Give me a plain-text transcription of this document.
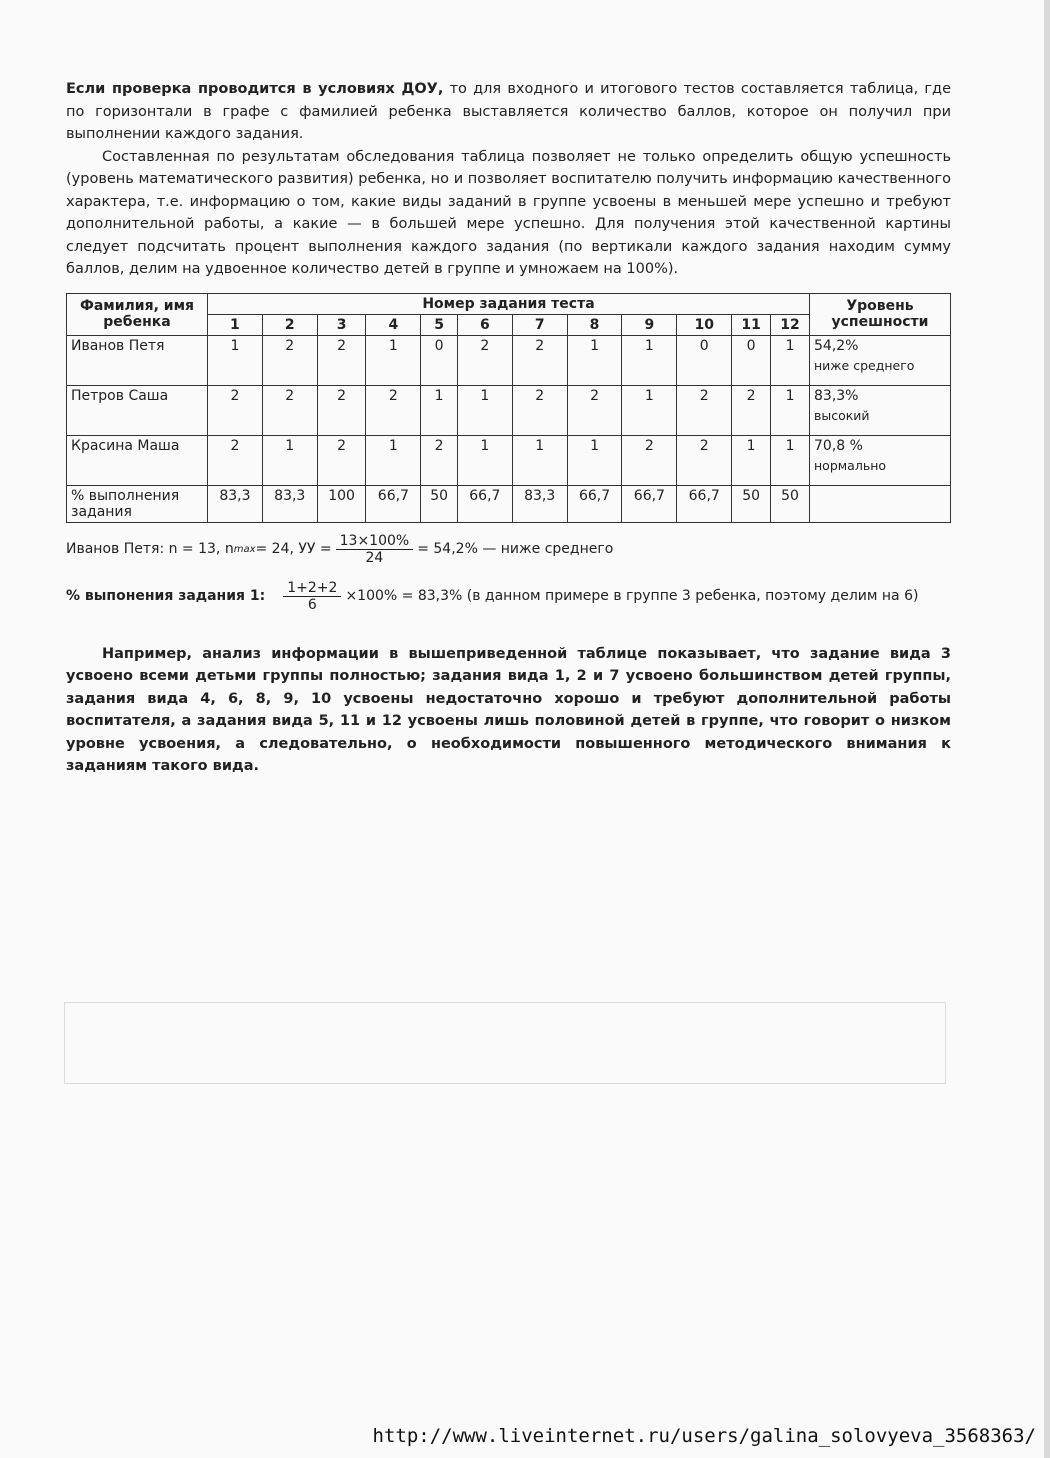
Если проверка проводится в условиях ДОУ, то для входного и итогового тестов составляется таблица, где по горизонтали в графе с фамилией ребенка выставляется количество баллов, которое он получил при выполнении каждого задания.

Составленная по результатам обследования таблица позволяет не только определить общую успешность (уровень математического развития) ребенка, но и позволяет воспитателю получить информацию качественного характера, т.е. информацию о том, какие виды заданий в группе усвоены в меньшей мере успешно и требуют дополнительной работы, а какие — в большей мере успешно. Для получения этой качественной картины следует подсчитать процент выполнения каждого задания (по вертикали каждого задания находим сумму баллов, делим на удвоенное количество детей в группе и умножаем на 100%).

Фамилия, имя ребенка	Номер задания теста												Уровень успешности
	1	2	3	4	5	6	7	8	9	10	11	12	
Иванов Петя	1	2	2	1	0	2	2	1	1	0	0	1	54,2%
ниже среднего

Петров Саша	2	2	2	2	1	1	2	2	1	2	2	1	83,3%
высокий

Красина Маша	2	1	2	1	2	1	1	1	2	2	1	1	70,8 %
нормально

% выполнения задания	83,3	83,3	100	66,7	50	66,7	83,3	66,7	66,7	66,7	50	50	
Иванов Петя: n = 13, n max = 24, УУ = $\frac{13\times 100\%}{24} = 54,2\%$ — ниже среднего
% выпонения задания 1: $\frac{1+2+2}{6} \times 100\% = 83,3\%$ (в данном примере в группе 3 ребенка, поэтому делим на 6)

Например, анализ информации в вышеприведенной таблице показывает, что задание вида 3 усвоено всеми детьми группы полностью; задания вида 1, 2 и 7 усвоено большинством детей группы, задания вида 4, 6, 8, 9, 10 усвоены недостаточно хорошо и требуют дополнительной работы воспитателя, а задания вида 5, 11 и 12 усвоены лишь половиной детей в группе, что говорит о низком уровне усвоения, а следовательно, о необходимости повышенного методического внимания к заданиям такого вида.

http://www.liveinternet.ru/users/galina_solovyeva_3568363/
